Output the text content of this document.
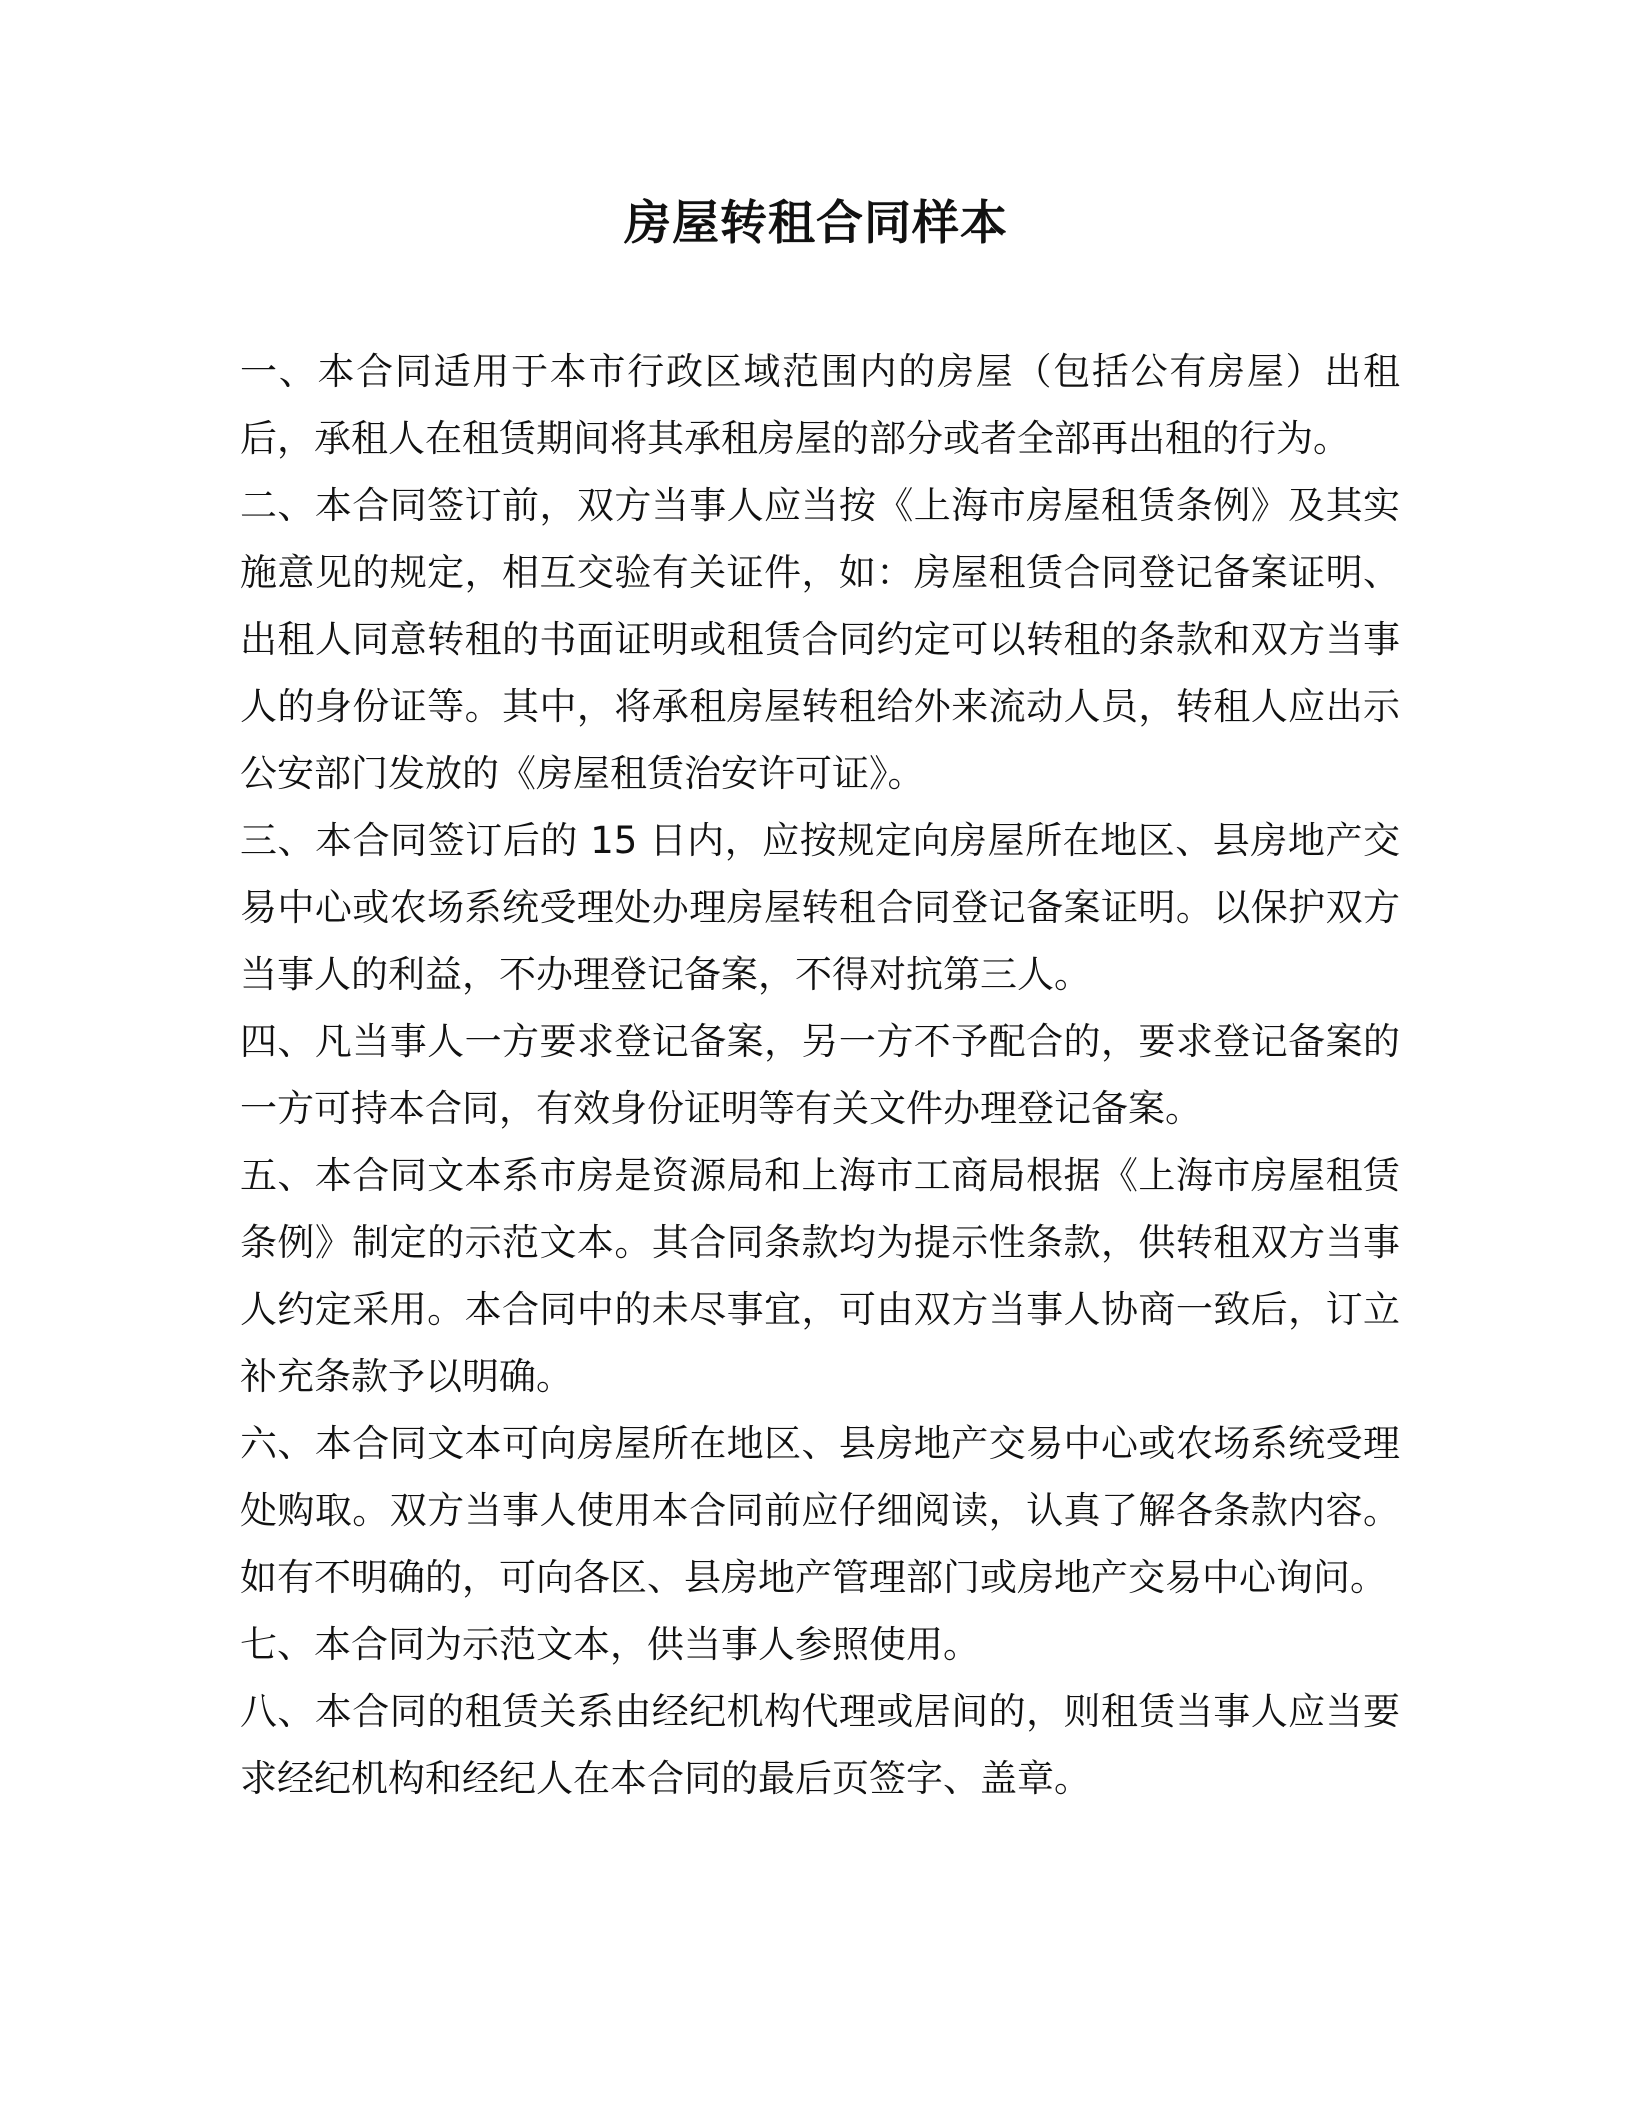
房屋转租合同样本

一、本合同适用于本市行政区域范围内的房屋（包括公有房屋）出租后，承租人在租赁期间将其承租房屋的部分或者全部再出租的行为。

二、本合同签订前，双方当事人应当按《上海市房屋租赁条例》及其实施意见的规定，相互交验有关证件，如：房屋租赁合同登记备案证明、出租人同意转租的书面证明或租赁合同约定可以转租的条款和双方当事人的身份证等。其中，将承租房屋转租给外来流动人员，转租人应出示公安部门发放的《房屋租赁治安许可证》。

三、本合同签订后的 15 日内，应按规定向房屋所在地区、县房地产交易中心或农场系统受理处办理房屋转租合同登记备案证明。以保护双方当事人的利益，不办理登记备案，不得对抗第三人。

四、凡当事人一方要求登记备案，另一方不予配合的，要求登记备案的一方可持本合同，有效身份证明等有关文件办理登记备案。

五、本合同文本系市房是资源局和上海市工商局根据《上海市房屋租赁条例》制定的示范文本。其合同条款均为提示性条款，供转租双方当事人约定采用。本合同中的未尽事宜，可由双方当事人协商一致后，订立补充条款予以明确。

六、本合同文本可向房屋所在地区、县房地产交易中心或农场系统受理处购取。双方当事人使用本合同前应仔细阅读，认真了解各条款内容。如有不明确的，可向各区、县房地产管理部门或房地产交易中心询问。

七、本合同为示范文本，供当事人参照使用。

八、本合同的租赁关系由经纪机构代理或居间的，则租赁当事人应当要求经纪机构和经纪人在本合同的最后页签字、盖章。
